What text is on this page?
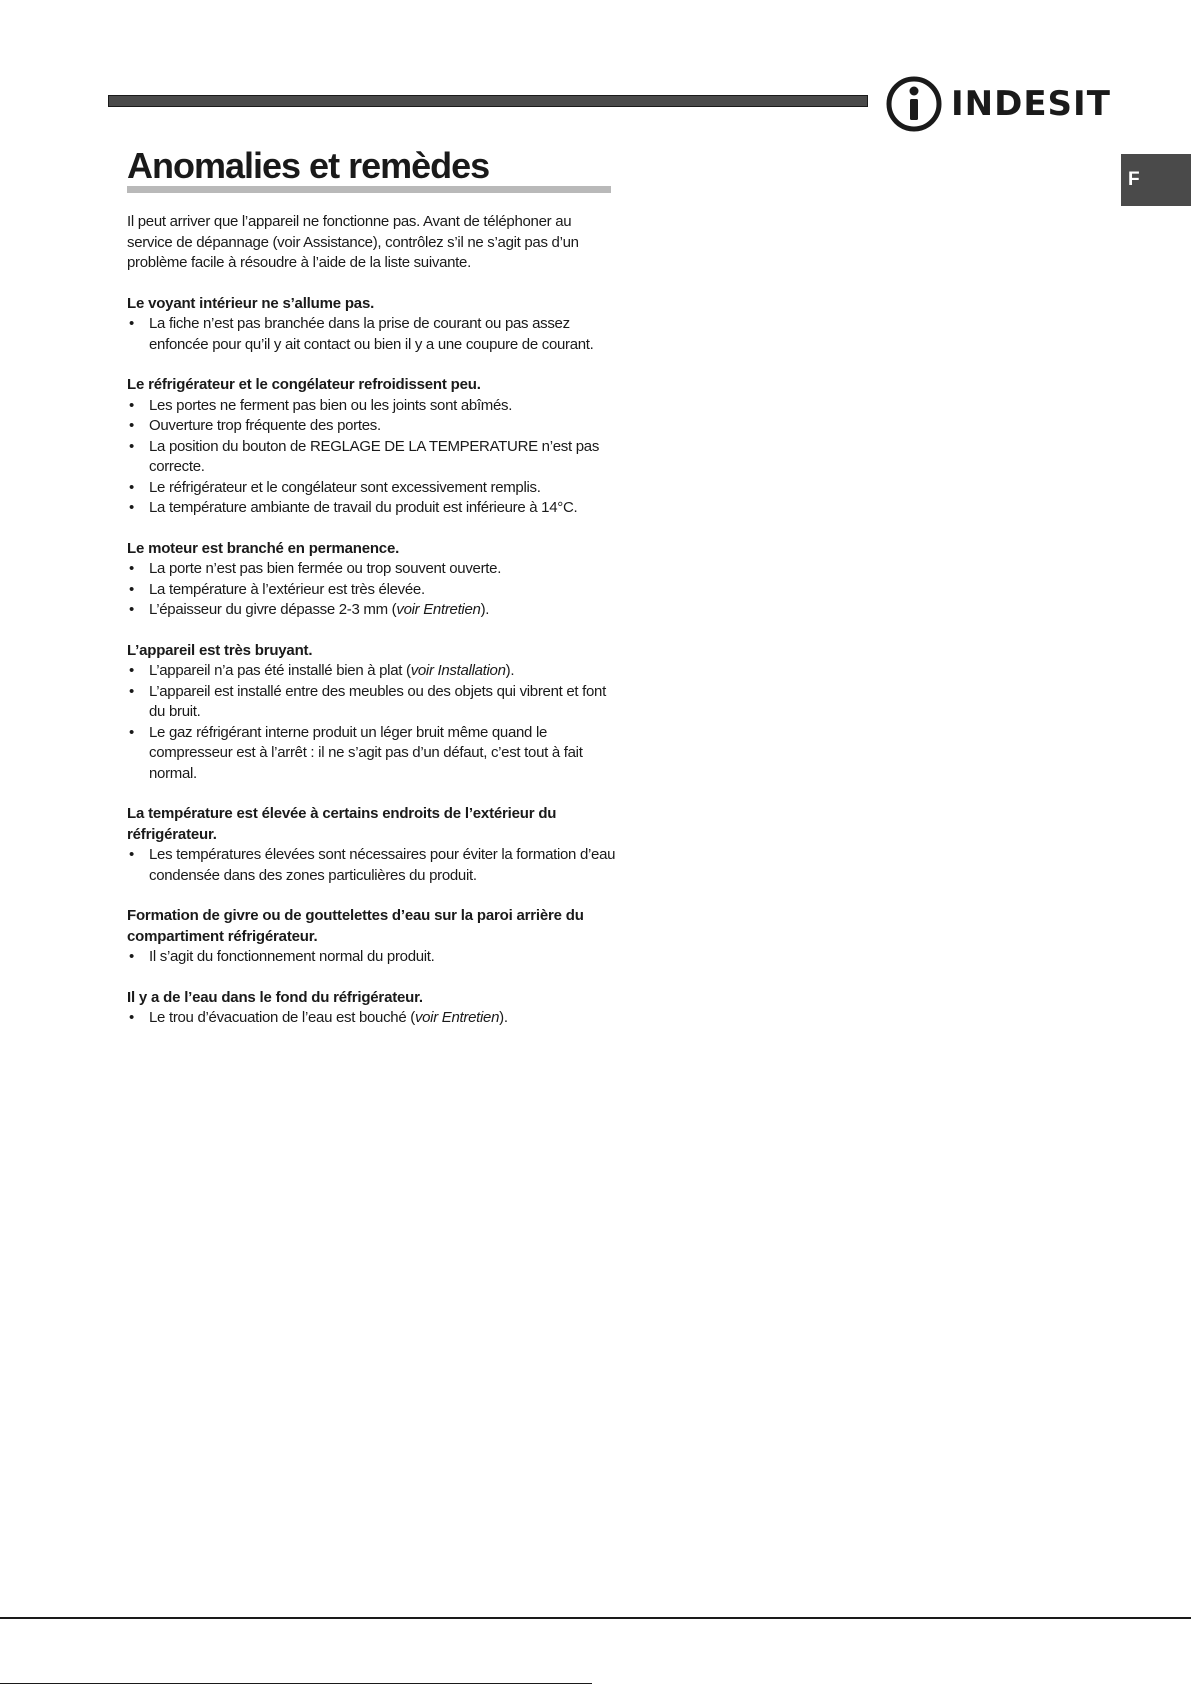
INDESIT
F
Anomalies et remèdes

Il peut arriver que l’appareil ne fonctionne pas. Avant de téléphoner au service de dépannage (voir Assistance), contrôlez s’il ne s’agit pas d’un problème facile à résoudre à l’aide de la liste suivante.

Le voyant intérieur ne s’allume pas.
• La fiche n’est pas branchée dans la prise de courant ou pas assez enfoncée pour qu’il y ait contact ou bien il y a une coupure de courant.
Le réfrigérateur et le congélateur refroidissent peu.
• Les portes ne ferment pas bien ou les joints sont abîmés.
• Ouverture trop fréquente des portes.
• La position du bouton de REGLAGE DE LA TEMPERATURE n’est pas correcte.
• Le réfrigérateur et le congélateur sont excessivement remplis.
• La température ambiante de travail du produit est inférieure à 14°C.
Le moteur est branché en permanence.
• La porte n’est pas bien fermée ou trop souvent ouverte.
• La température à l’extérieur est très élevée.
• L’épaisseur du givre dépasse 2-3 mm (voir Entretien).
L’appareil est très bruyant.
• L’appareil n’a pas été installé bien à plat (voir Installation).
• L’appareil est installé entre des meubles ou des objets qui vibrent et font du bruit.
• Le gaz réfrigérant interne produit un léger bruit même quand le compresseur est à l’arrêt : il ne s’agit pas d’un défaut, c’est tout à fait normal.
La température est élevée à certains endroits de l’extérieur du réfrigérateur.
• Les températures élevées sont nécessaires pour éviter la formation d’eau condensée dans des zones particulières du produit.
Formation de givre ou de gouttelettes d’eau sur la paroi arrière du compartiment réfrigérateur.
• Il s’agit du fonctionnement normal du produit.
Il y a de l’eau dans le fond du réfrigérateur.
• Le trou d’évacuation de l’eau est bouché (voir Entretien).
